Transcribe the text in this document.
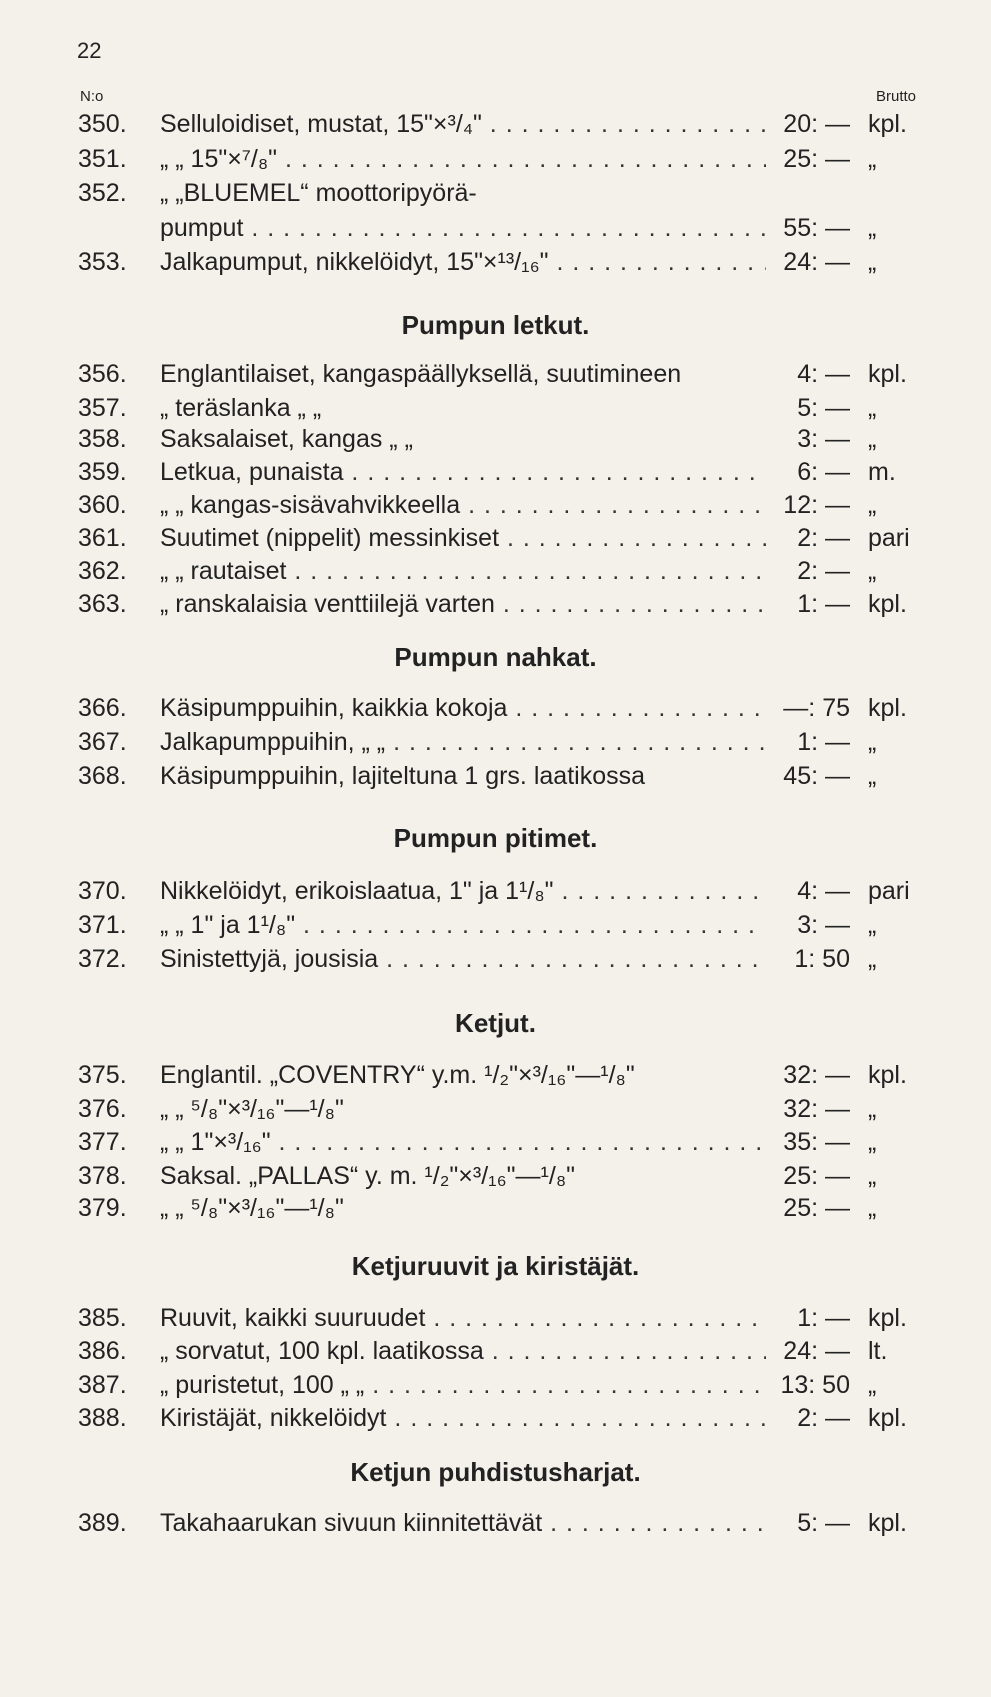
22
N:o	Brutto
350.	Selluloidiset, mustat, 15"×³/₄" . . .	20: — kpl.
351.	„ „ 15"×⁷/₈" . . .	25: — „
352.	„ „BLUEMEL“ moottoripyörä-
pumput . . .	55: — „
353.	Jalkapumput, nikkelöidyt, 15"×¹³/₁₆" . . .	24: — „
Pumpun letkut.
356.	Englantilaiset, kangaspäällyksellä, suutimineen	4: — kpl.
357.	„ teräslanka „ „	5: — „
358.	Saksalaiset, kangas „ „	3: — „
359.	Letkua, punaista . . .	6: — m.
360.	„ „ kangas-sisävahvikkeella . . .	12: — „
361.	Suutimet (nippelit) messinkiset . . .	2: — pari
362.	„ „ rautaiset . . .	2: — „
363.	„ ranskalaisia venttiilejä varten . . .	1: — kpl.
Pumpun nahkat.
366.	Käsipumppuihin, kaikkia kokoja . . .	—: 75 kpl.
367.	Jalkapumppuihin, „ „ . . .	1: — „
368.	Käsipumppuihin, lajiteltuna 1 grs. laatikossa	45: — „
Pumpun pitimet.
370.	Nikkelöidyt, erikoislaatua, 1" ja 1¹/₈" . . .	4: — pari
371.	„ „ 1" ja 1¹/₈" . . .	3: — „
372.	Sinistettyjä, jousisia . . .	1: 50 „
Ketjut.
375.	Englantil. „COVENTRY“ y.m. ¹/₂"×³/₁₆"—¹/₈"	32: — kpl.
376.	„ „ ⁵/₈"×³/₁₆"—¹/₈"	32: — „
377.	„ „ 1"×³/₁₆" . . .	35: — „
378.	Saksal. „PALLAS“ y. m. ¹/₂"×³/₁₆"—¹/₈"	25: — „
379.	„ „ ⁵/₈"×³/₁₆"—¹/₈"	25: — „
Ketjuruuvit ja kiristäjät.
385.	Ruuvit, kaikki suuruudet . . .	1: — kpl.
386.	„ sorvatut, 100 kpl. laatikossa . . .	24: — lt.
387.	„ puristetut, 100 „ „ . . .	13: 50 „
388.	Kiristäjät, nikkelöidyt . . .	2: — kpl.
Ketjun puhdistusharjat.
389.	Takahaarukan sivuun kiinnitettävät . . .	5: — kpl.
